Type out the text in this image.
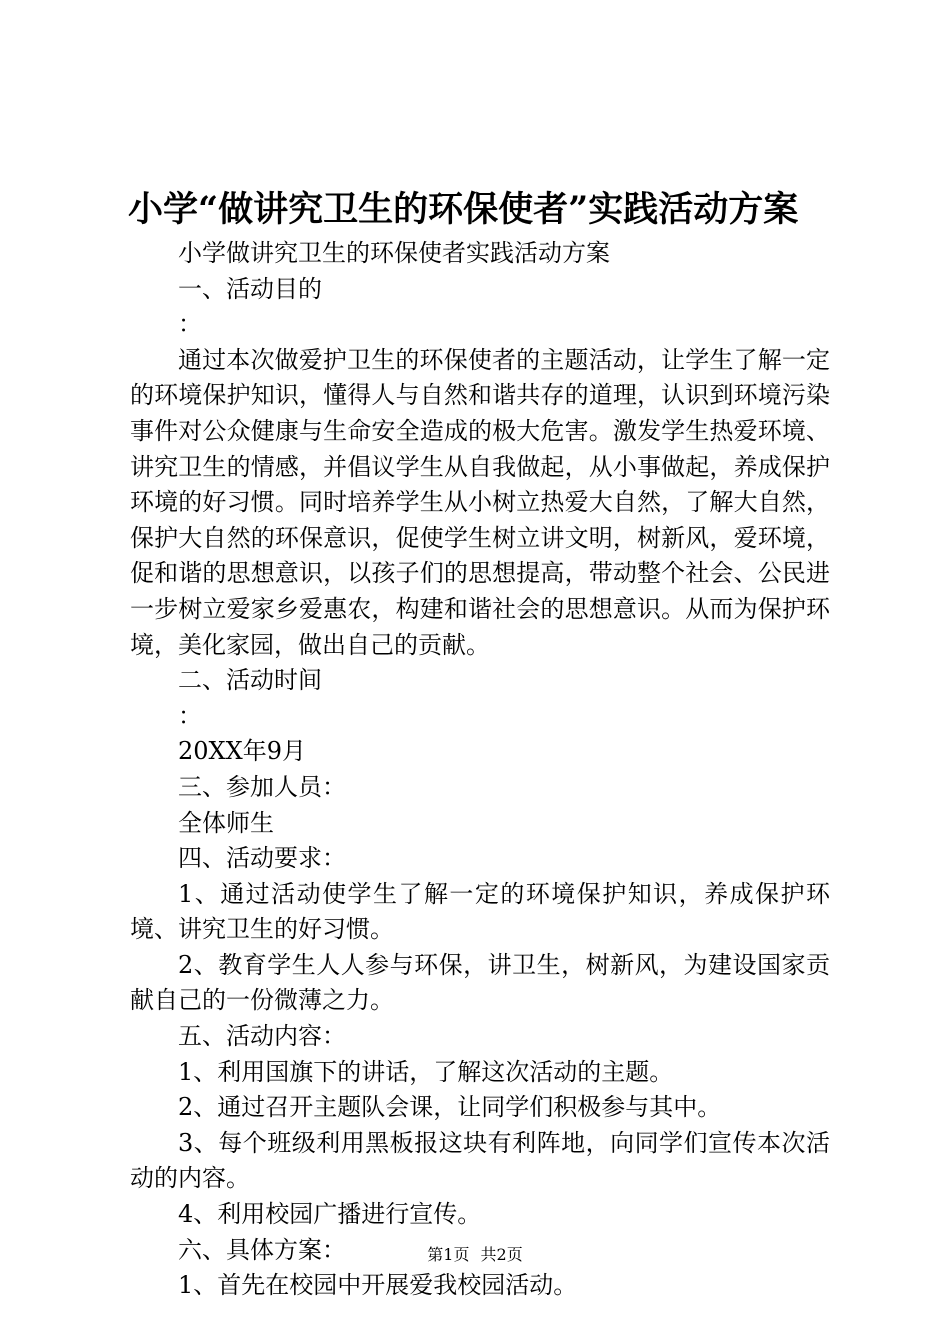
小学“做讲究卫生的环保使者”实践活动方案

小学做讲究卫生的环保使者实践活动方案

一、活动目的

：

通过本次做爱护卫生的环保使者的主题活动，让学生了解一定的环境保护知识，懂得人与自然和谐共存的道理，认识到环境污染事件对公众健康与生命安全造成的极大危害。激发学生热爱环境、讲究卫生的情感，并倡议学生从自我做起，从小事做起，养成保护环境的好习惯。同时培养学生从小树立热爱大自然，了解大自然，保护大自然的环保意识，促使学生树立讲文明，树新风，爱环境，促和谐的思想意识，以孩子们的思想提高，带动整个社会、公民进一步树立爱家乡爱惠农，构建和谐社会的思想意识。从而为保护环境，美化家园，做出自己的贡献。

二、活动时间

：

20XX年9月

三、参加人员：

全体师生

四、活动要求：

1、通过活动使学生了解一定的环境保护知识，养成保护环境、讲究卫生的好习惯。

2、教育学生人人参与环保，讲卫生，树新风，为建设国家贡献自己的一份微薄之力。

五、活动内容：

1、利用国旗下的讲话，了解这次活动的主题。

2、通过召开主题队会课，让同学们积极参与其中。

3、每个班级利用黑板报这块有利阵地，向同学们宣传本次活动的内容。

4、利用校园广播进行宣传。

六、具体方案：

1、首先在校园中开展爱我校园活动。

第1页 共2页
